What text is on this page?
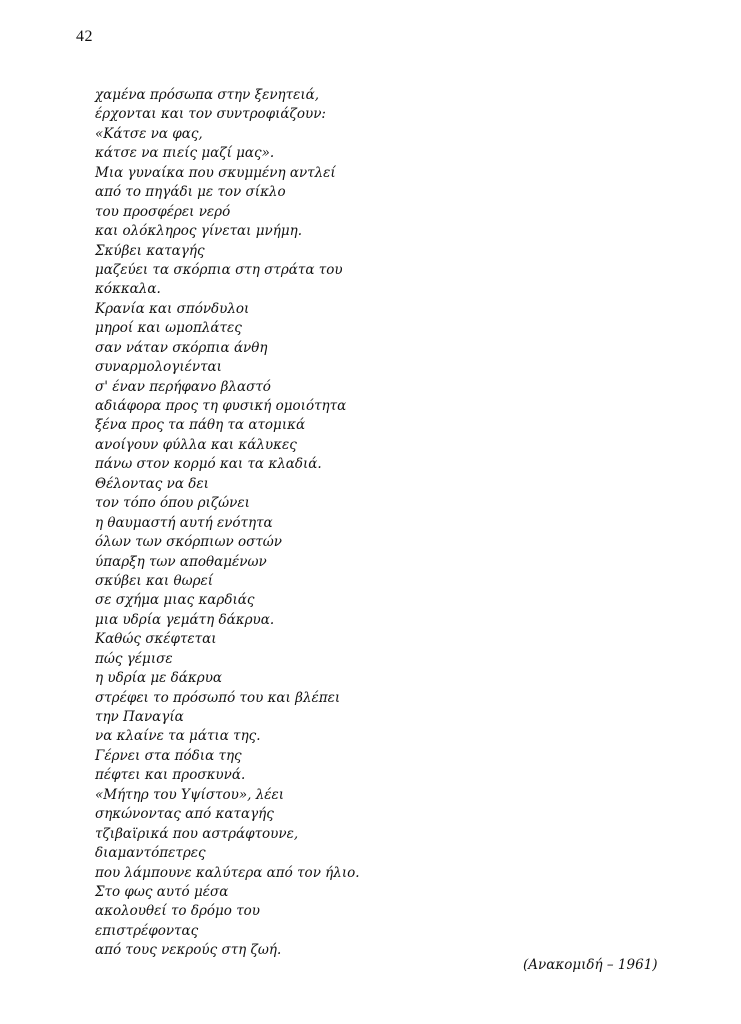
42
χαμένα πρόσωπα στην ξενητειά,
έρχονται και τον συντροφιάζουν:
«Κάτσε να φας,
κάτσε να πιείς μαζί μας».
Μια γυναίκα που σκυμμένη αντλεί
από το πηγάδι με τον σίκλο
του προσφέρει νερό
και ολόκληρος γίνεται μνήμη.
Σκύβει καταγής
μαζεύει τα σκόρπια στη στράτα του
κόκκαλα.
Κρανία και σπόνδυλοι
μηροί και ωμοπλάτες
σαν νάταν σκόρπια άνθη
συναρμολογιένται
σ' έναν περήφανο βλαστό
αδιάφορα προς τη φυσική ομοιότητα
ξένα προς τα πάθη τα ατομικά
ανοίγουν φύλλα και κάλυκες
πάνω στον κορμό και τα κλαδιά.
Θέλοντας να δει
τον τόπο όπου ριζώνει
η θαυμαστή αυτή ενότητα
όλων των σκόρπιων οστών
ύπαρξη των αποθαμένων
σκύβει και θωρεί
σε σχήμα μιας καρδιάς
μια υδρία γεμάτη δάκρυα.
Καθώς σκέφτεται
πώς γέμισε
η υδρία με δάκρυα
στρέφει το πρόσωπό του και βλέπει
την Παναγία
να κλαίνε τα μάτια της.
Γέρνει στα πόδια της
πέφτει και προσκυνά.
«Μήτηρ του Υψίστου», λέει
σηκώνοντας από καταγής
τζιβαϊρικά που αστράφτουνε,
διαμαντόπετρες
που λάμπουνε καλύτερα από τον ήλιο.
Στο φως αυτό μέσα
ακολουθεί το δρόμο του
επιστρέφοντας
από τους νεκρούς στη ζωή.
(Ανακομιδή – 1961)
